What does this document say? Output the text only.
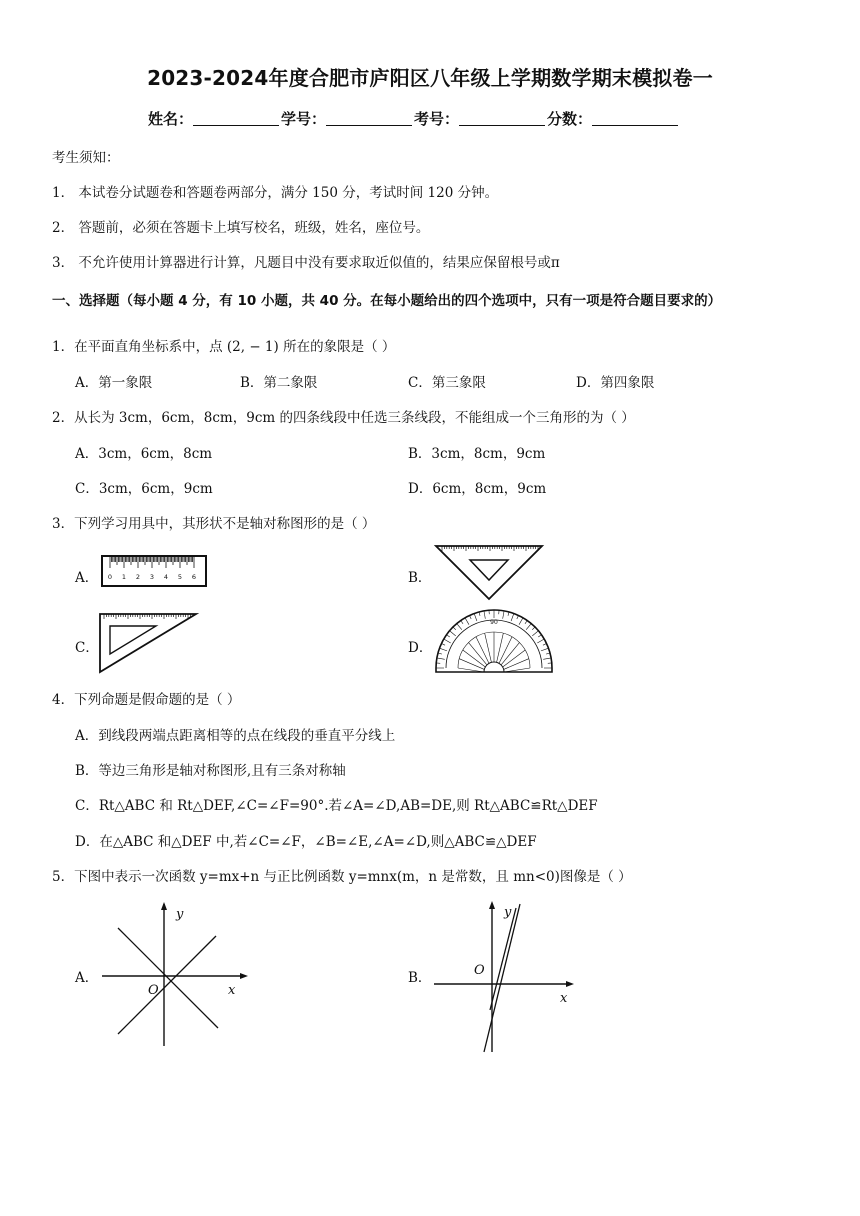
2023-2024年度合肥市庐阳区八年级上学期数学期末模拟卷一
姓名：	学号：	考号：	分数：
考生须知：
1． 本试卷分试题卷和答题卷两部分，满分 150 分，考试时间 120 分钟。
2． 答题前，必须在答题卡上填写校名，班级，姓名，座位号。
3． 不允许使用计算器进行计算，凡题目中没有要求取近似值的，结果应保留根号或π
一、选择题（每小题 4 分，有 10 小题，共 40 分。在每小题给出的四个选项中，只有一项是符合题目要求的）
1．在平面直角坐标系中，点 (2, − 1) 所在的象限是（ ）
A．第一象限	B．第二象限	C．第三象限	D．第四象限
2．从长为 3cm，6cm，8cm，9cm 的四条线段中任选三条线段，不能组成一个三角形的为（ ）
A．3cm，6cm，8cm	B．3cm，8cm，9cm
C．3cm，6cm，9cm	D．6cm，8cm，9cm
3．下列学习用具中，其形状不是轴对称图形的是（ ）
A．	B．
C．	D．
0 1 2 3 4 5 6
90
4．下列命题是假命题的是（ ）
A．到线段两端点距离相等的点在线段的垂直平分线上
B．等边三角形是轴对称图形,且有三条对称轴
C．Rt△ABC 和 Rt△DEF,∠C=∠F=90°.若∠A=∠D,AB=DE,则 Rt△ABC≌Rt△DEF
D．在△ABC 和△DEF 中,若∠C=∠F，∠B=∠E,∠A=∠D,则△ABC≌△DEF
5．下图中表示一次函数 y=mx+n 与正比例函数 y=mnx(m，n 是常数，且 mn<0)图像是（ ）
A．	B．
y
x
O
y
x
O
